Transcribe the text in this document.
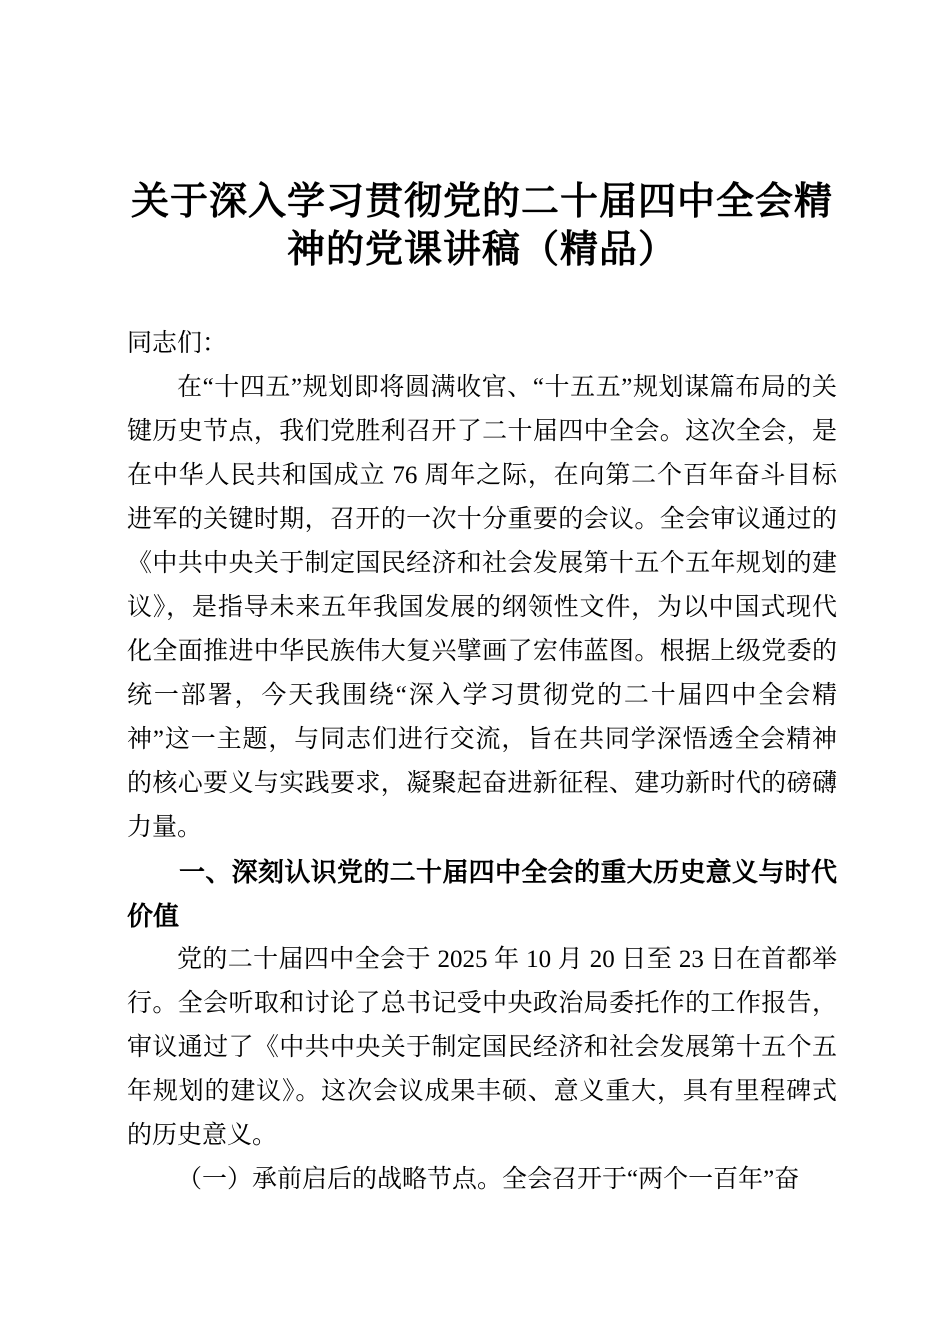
关于深入学习贯彻党的二十届四中全会精神的党课讲稿（精品）

同志们：

在“十四五”规划即将圆满收官、“十五五”规划谋篇布局的关键历史节点，我们党胜利召开了二十届四中全会。这次全会，是在中华人民共和国成立 76 周年之际，在向第二个百年奋斗目标进军的关键时期，召开的一次十分重要的会议。全会审议通过的《中共中央关于制定国民经济和社会发展第十五个五年规划的建议》，是指导未来五年我国发展的纲领性文件，为以中国式现代化全面推进中华民族伟大复兴擘画了宏伟蓝图。根据上级党委的统一部署，今天我围绕“深入学习贯彻党的二十届四中全会精神”这一主题，与同志们进行交流，旨在共同学深悟透全会精神的核心要义与实践要求，凝聚起奋进新征程、建功新时代的磅礴力量。

一、深刻认识党的二十届四中全会的重大历史意义与时代价值

党的二十届四中全会于 2025 年 10 月 20 日至 23 日在首都举行。全会听取和讨论了总书记受中央政治局委托作的工作报告，审议通过了《中共中央关于制定国民经济和社会发展第十五个五年规划的建议》。这次会议成果丰硕、意义重大，具有里程碑式的历史意义。

（一）承前启后的战略节点。全会召开于“两个一百年”奋
